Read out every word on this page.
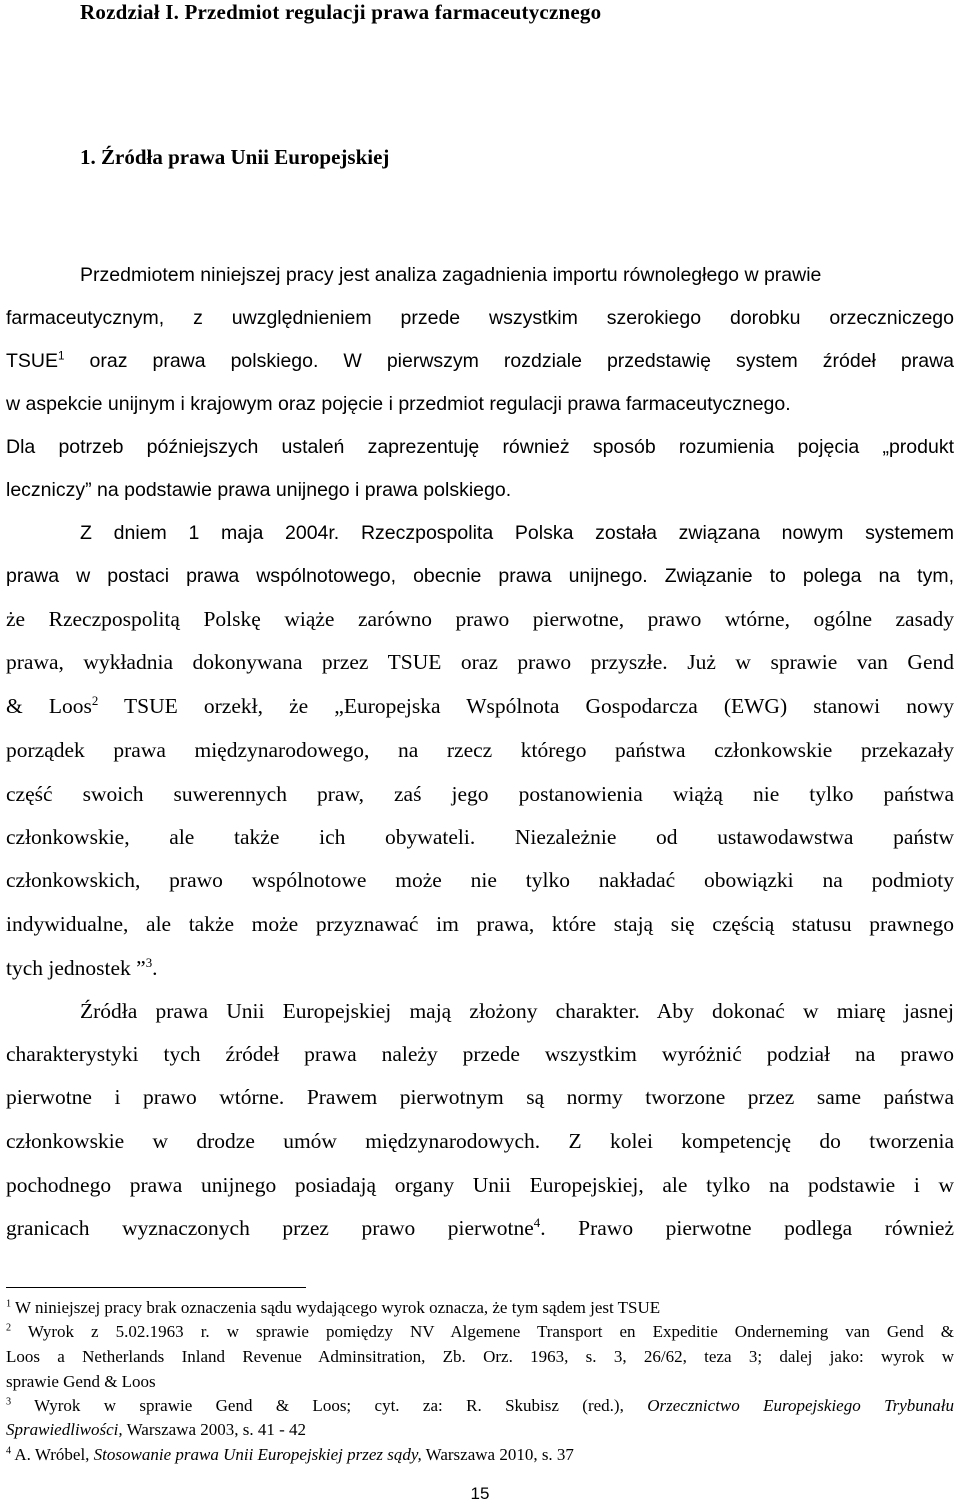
Rozdział I. Przedmiot regulacji prawa farmaceutycznego
1. Źródła prawa Unii Europejskiej
Przedmiotem niniejszej pracy jest analiza zagadnienia importu równoległego w prawie
farmaceutycznym, z uwzględnieniem przede wszystkim szerokiego dorobku orzeczniczego
TSUE$^1$ oraz prawa polskiego. W pierwszym rozdziale przedstawię system źródeł prawa
w aspekcie unijnym i krajowym oraz pojęcie i przedmiot regulacji prawa farmaceutycznego.
Dla potrzeb późniejszych ustaleń zaprezentuję również sposób rozumienia pojęcia „produkt
leczniczy” na podstawie prawa unijnego i prawa polskiego.
Z dniem 1 maja 2004r. Rzeczpospolita Polska została związana nowym systemem
prawa w postaci prawa wspólnotowego, obecnie prawa unijnego. Związanie to polega na tym,
że Rzeczpospolitą Polskę wiąże zarówno prawo pierwotne, prawo wtórne, ogólne zasady
prawa, wykładnia dokonywana przez TSUE oraz prawo przyszłe. Już w sprawie van Gend
& Loos$^2$ TSUE orzekł, że „Europejska Wspólnota Gospodarcza (EWG) stanowi nowy
porządek prawa międzynarodowego, na rzecz którego państwa członkowskie przekazały
część swoich suwerennych praw, zaś jego postanowienia wiążą nie tylko państwa
członkowskie, ale także ich obywateli. Niezależnie od ustawodawstwa państw
członkowskich, prawo wspólnotowe może nie tylko nakładać obowiązki na podmioty
indywidualne, ale także może przyznawać im prawa, które stają się częścią statusu prawnego
tych jednostek ”$^3$.
Źródła prawa Unii Europejskiej mają złożony charakter. Aby dokonać w miarę jasnej
charakterystyki tych źródeł prawa należy przede wszystkim wyróżnić podział na prawo
pierwotne i prawo wtórne. Prawem pierwotnym są normy tworzone przez same państwa
członkowskie w drodze umów międzynarodowych. Z kolei kompetencję do tworzenia
pochodnego prawa unijnego posiadają organy Unii Europejskiej, ale tylko na podstawie i w
granicach wyznaczonych przez prawo pierwotne$^4$. Prawo pierwotne podlega również
$^1$ W niniejszej pracy brak oznaczenia sądu wydającego wyrok oznacza, że tym sądem jest TSUE
$^2$ Wyrok z 5.02.1963 r. w sprawie pomiędzy NV Algemene Transport en Expeditie Onderneming van Gend &
Loos a Netherlands Inland Revenue Adminsitration, Zb. Orz. 1963, s. 3, 26/62, teza 3; dalej jako: wyrok w
sprawie Gend & Loos
$^3$ Wyrok w sprawie Gend & Loos; cyt. za: R. Skubisz (red.), Orzecznictwo Europejskiego Trybunału
Sprawiedliwości, Warszawa 2003, s. 41 - 42
$^4$ A. Wróbel, Stosowanie prawa Unii Europejskiej przez sądy, Warszawa 2010, s. 37
15
